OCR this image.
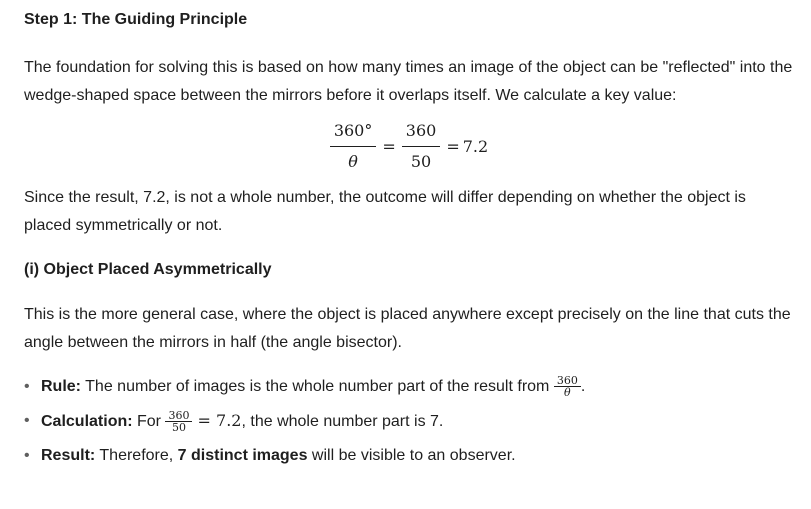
Step 1: The Guiding Principle

The foundation for solving this is based on how many times an image of the object can be "reflected" into the wedge-shaped space between the mirrors before it overlaps itself. We calculate a key value:

$\frac{360^\circ}{\theta} = \frac{360}{50} = 7.2$

Since the result, 7.2, is not a whole number, the outcome will differ depending on whether the object is placed symmetrically or not.

(i) Object Placed Asymmetrically

This is the more general case, where the object is placed anywhere except precisely on the line that cuts the angle between the mirrors in half (the angle bisector).

• Rule: The number of images is the whole number part of the result from $\frac{360}{\theta}$ .
• Calculation: For $\frac{360}{50} = 7.2$, the whole number part is 7.
• Result: Therefore, 7 distinct images will be visible to an observer.
